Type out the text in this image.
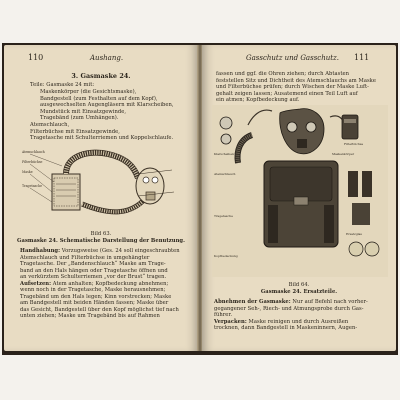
110	Aushang.
3. Gasmaske 24.
Teile: Gasmaske 24 mit:
Maskenkörper (die Gesichtsmaske),
Bandgestell (zum Festhalten auf dem Kopf),
ausgewechselten Augengläsern mit Klarscheiben,
Mundstück mit Einsatzgewinde,
Tragebänd (zum Umhängen).
Atemschlauch,
Filterbüchse mit Einsatzgewinde,
Tragetasche mit Schulterriemen und Koppelschlaufe.
Atemschlauch
Filterbüchse
Maske
Tragetasche
Bild 63.
Gasmaske 24. Schematische Darstellung der Benutzung.
Handhabung: Vorzugsweise (Ges. 24 soll eingeschraubten
Atemschlauch und Filterbüchse in umgehängter
Tragetasche. Der „Bandenschlauch“ Maske am Trage-
band an den Hals hängen oder Tragetasche öffnen und
an verkürztem Schulterriemen „vor der Brust“ tragen.
Aufsetzen: Atem anhalten; Kopfbedeckung abnehmen;
wenn noch in der Tragetasche, Maske herausnehmen;
Tragebänd um den Hals legen; Kinn vorstrecken; Maske
am Bandgestell mit beiden Händen fassen; Maske über
das Gesicht, Bandgestell über den Kopf möglichst tief nach
unten ziehen; Maske um Tragebänd bis auf Rahmen
Gasschutz und Gasschutz. 111
fassen und ggf. die Ohren ziehen; durch Abtasten
feststellen Sitz und Dichtheit des Atemschlauchs am Maske
und Filterbüchse prüfen; durch Wischen der Maske Luft-
gehalt zeigen lassen; Ausatemend einen Teil Luft auf
ein atmen; Kopfbedeckung auf.
Klarscheiben	Maskenkörper
Filterbüchse
Atemschlauch
Tragetasche
Kopfbedeckung
Ersatzglas
Bild 64.
Gasmaske 24. Ersatzteile.
Abnehmen der Gasmaske: Nur auf Befehl nach vorher-
gegangener Seh-, Riech- und Atmungsprobe durch Gas-
führer.
Verpacken: Maske reinigen und durch Ausreißen
trocknen, dann Bandgestell in Maskeninnern, Augen-
